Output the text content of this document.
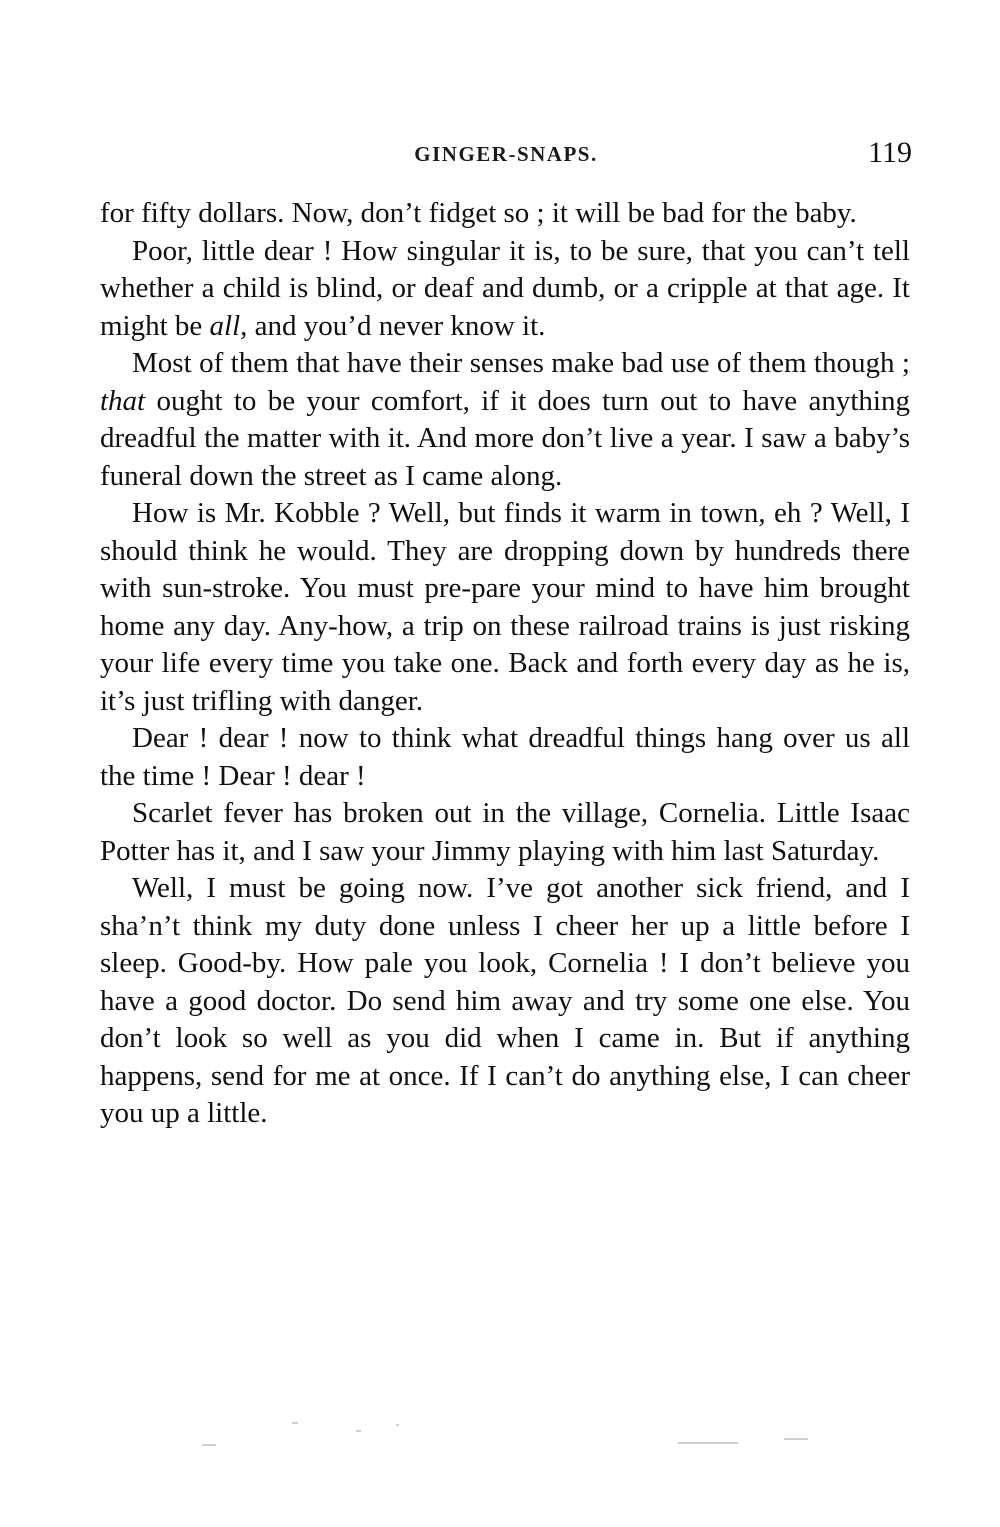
GINGER-SNAPS.	119

for fifty dollars. Now, don’t fidget so ; it will be bad for the baby.

Poor, little dear ! How singular it is, to be sure, that you can’t tell whether a child is blind, or deaf and dumb, or a cripple at that age. It might be all, and you’d never know it.

Most of them that have their senses make bad use of them though ; that ought to be your comfort, if it does turn out to have anything dreadful the matter with it. And more don’t live a year. I saw a baby’s funeral down the street as I came along.

How is Mr. Kobble ? Well, but finds it warm in town, eh ? Well, I should think he would. They are dropping down by hundreds there with sun-stroke. You must pre-pare your mind to have him brought home any day. Any-how, a trip on these railroad trains is just risking your life every time you take one. Back and forth every day as he is, it’s just trifling with danger.

Dear ! dear ! now to think what dreadful things hang over us all the time ! Dear ! dear !

Scarlet fever has broken out in the village, Cornelia. Little Isaac Potter has it, and I saw your Jimmy playing with him last Saturday.

Well, I must be going now. I’ve got another sick friend, and I sha’n’t think my duty done unless I cheer her up a little before I sleep. Good-by. How pale you look, Cornelia ! I don’t believe you have a good doctor. Do send him away and try some one else. You don’t look so well as you did when I came in. But if anything happens, send for me at once. If I can’t do anything else, I can cheer you up a little.
